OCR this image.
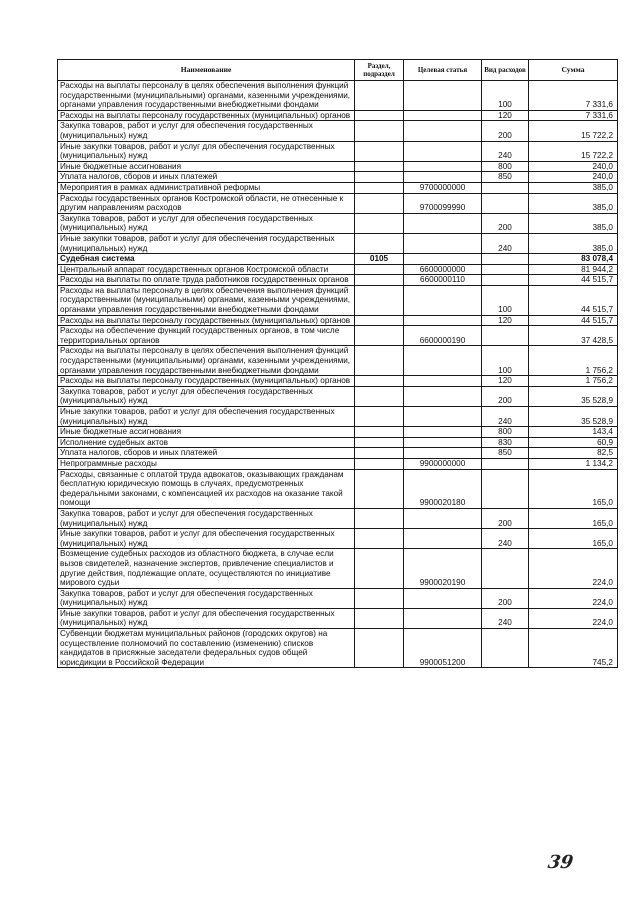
Наименование	Раздел, подраздел	Целевая статья	Вид расходов	Сумма
Расходы на выплаты персоналу в целях обеспечения выполнения функций государственными (муниципальными) органами, казенными учреждениями, органами управления государственными внебюджетными фондами			100	7 331,6
Расходы на выплаты персоналу государственных (муниципальных) органов			120	7 331,6
Закупка товаров, работ и услуг для обеспечения государственных (муниципальных) нужд			200	15 722,2
Иные закупки товаров, работ и услуг для обеспечения государственных (муниципальных) нужд			240	15 722,2
Иные бюджетные ассигнования			800	240,0
Уплата налогов, сборов и иных платежей			850	240,0
Мероприятия в рамках административной реформы		9700000000		385,0
Расходы государственных органов Костромской области, не отнесенные к другим направлениям расходов		9700099990		385,0
Закупка товаров, работ и услуг для обеспечения государственных (муниципальных) нужд			200	385,0
Иные закупки товаров, работ и услуг для обеспечения государственных (муниципальных) нужд			240	385,0
Судебная система	0105			83 078,4
Центральный аппарат государственных органов Костромской области		6600000000		81 944,2
Расходы на выплаты по оплате труда работников государственных органов		6600000110		44 515,7
Расходы на выплаты персоналу в целях обеспечения выполнения функций государственными (муниципальными) органами, казенными учреждениями, органами управления государственными внебюджетными фондами			100	44 515,7
Расходы на выплаты персоналу государственных (муниципальных) органов			120	44 515,7
Расходы на обеспечение функций государственных органов, в том числе территориальных органов		6600000190		37 428,5
Расходы на выплаты персоналу в целях обеспечения выполнения функций государственными (муниципальными) органами, казенными учреждениями, органами управления государственными внебюджетными фондами			100	1 756,2
Расходы на выплаты персоналу государственных (муниципальных) органов			120	1 756,2
Закупка товаров, работ и услуг для обеспечения государственных (муниципальных) нужд			200	35 528,9
Иные закупки товаров, работ и услуг для обеспечения государственных (муниципальных) нужд			240	35 528,9
Иные бюджетные ассигнования			800	143,4
Исполнение судебных актов			830	60,9
Уплата налогов, сборов и иных платежей			850	82,5
Непрограммные расходы		9900000000		1 134,2
Расходы, связанные с оплатой труда адвокатов, оказывающих гражданам бесплатную юридическую помощь в случаях, предусмотренных федеральными законами, с компенсацией их расходов на оказание такой помощи		9900020180		165,0
Закупка товаров, работ и услуг для обеспечения государственных (муниципальных) нужд			200	165,0
Иные закупки товаров, работ и услуг для обеспечения государственных (муниципальных) нужд			240	165,0
Возмещение судебных расходов из областного бюджета, в случае если вызов свидетелей, назначение экспертов, привлечение специалистов и другие действия, подлежащие оплате, осуществляются по инициативе мирового судьи		9900020190		224,0
Закупка товаров, работ и услуг для обеспечения государственных (муниципальных) нужд			200	224,0
Иные закупки товаров, работ и услуг для обеспечения государственных (муниципальных) нужд			240	224,0
Субвенции бюджетам муниципальных районов (городских округов) на осуществление полномочий по составлению (изменению) списков кандидатов в присяжные заседатели федеральных судов общей юрисдикции в Российской Федерации		9900051200		745,2
39
